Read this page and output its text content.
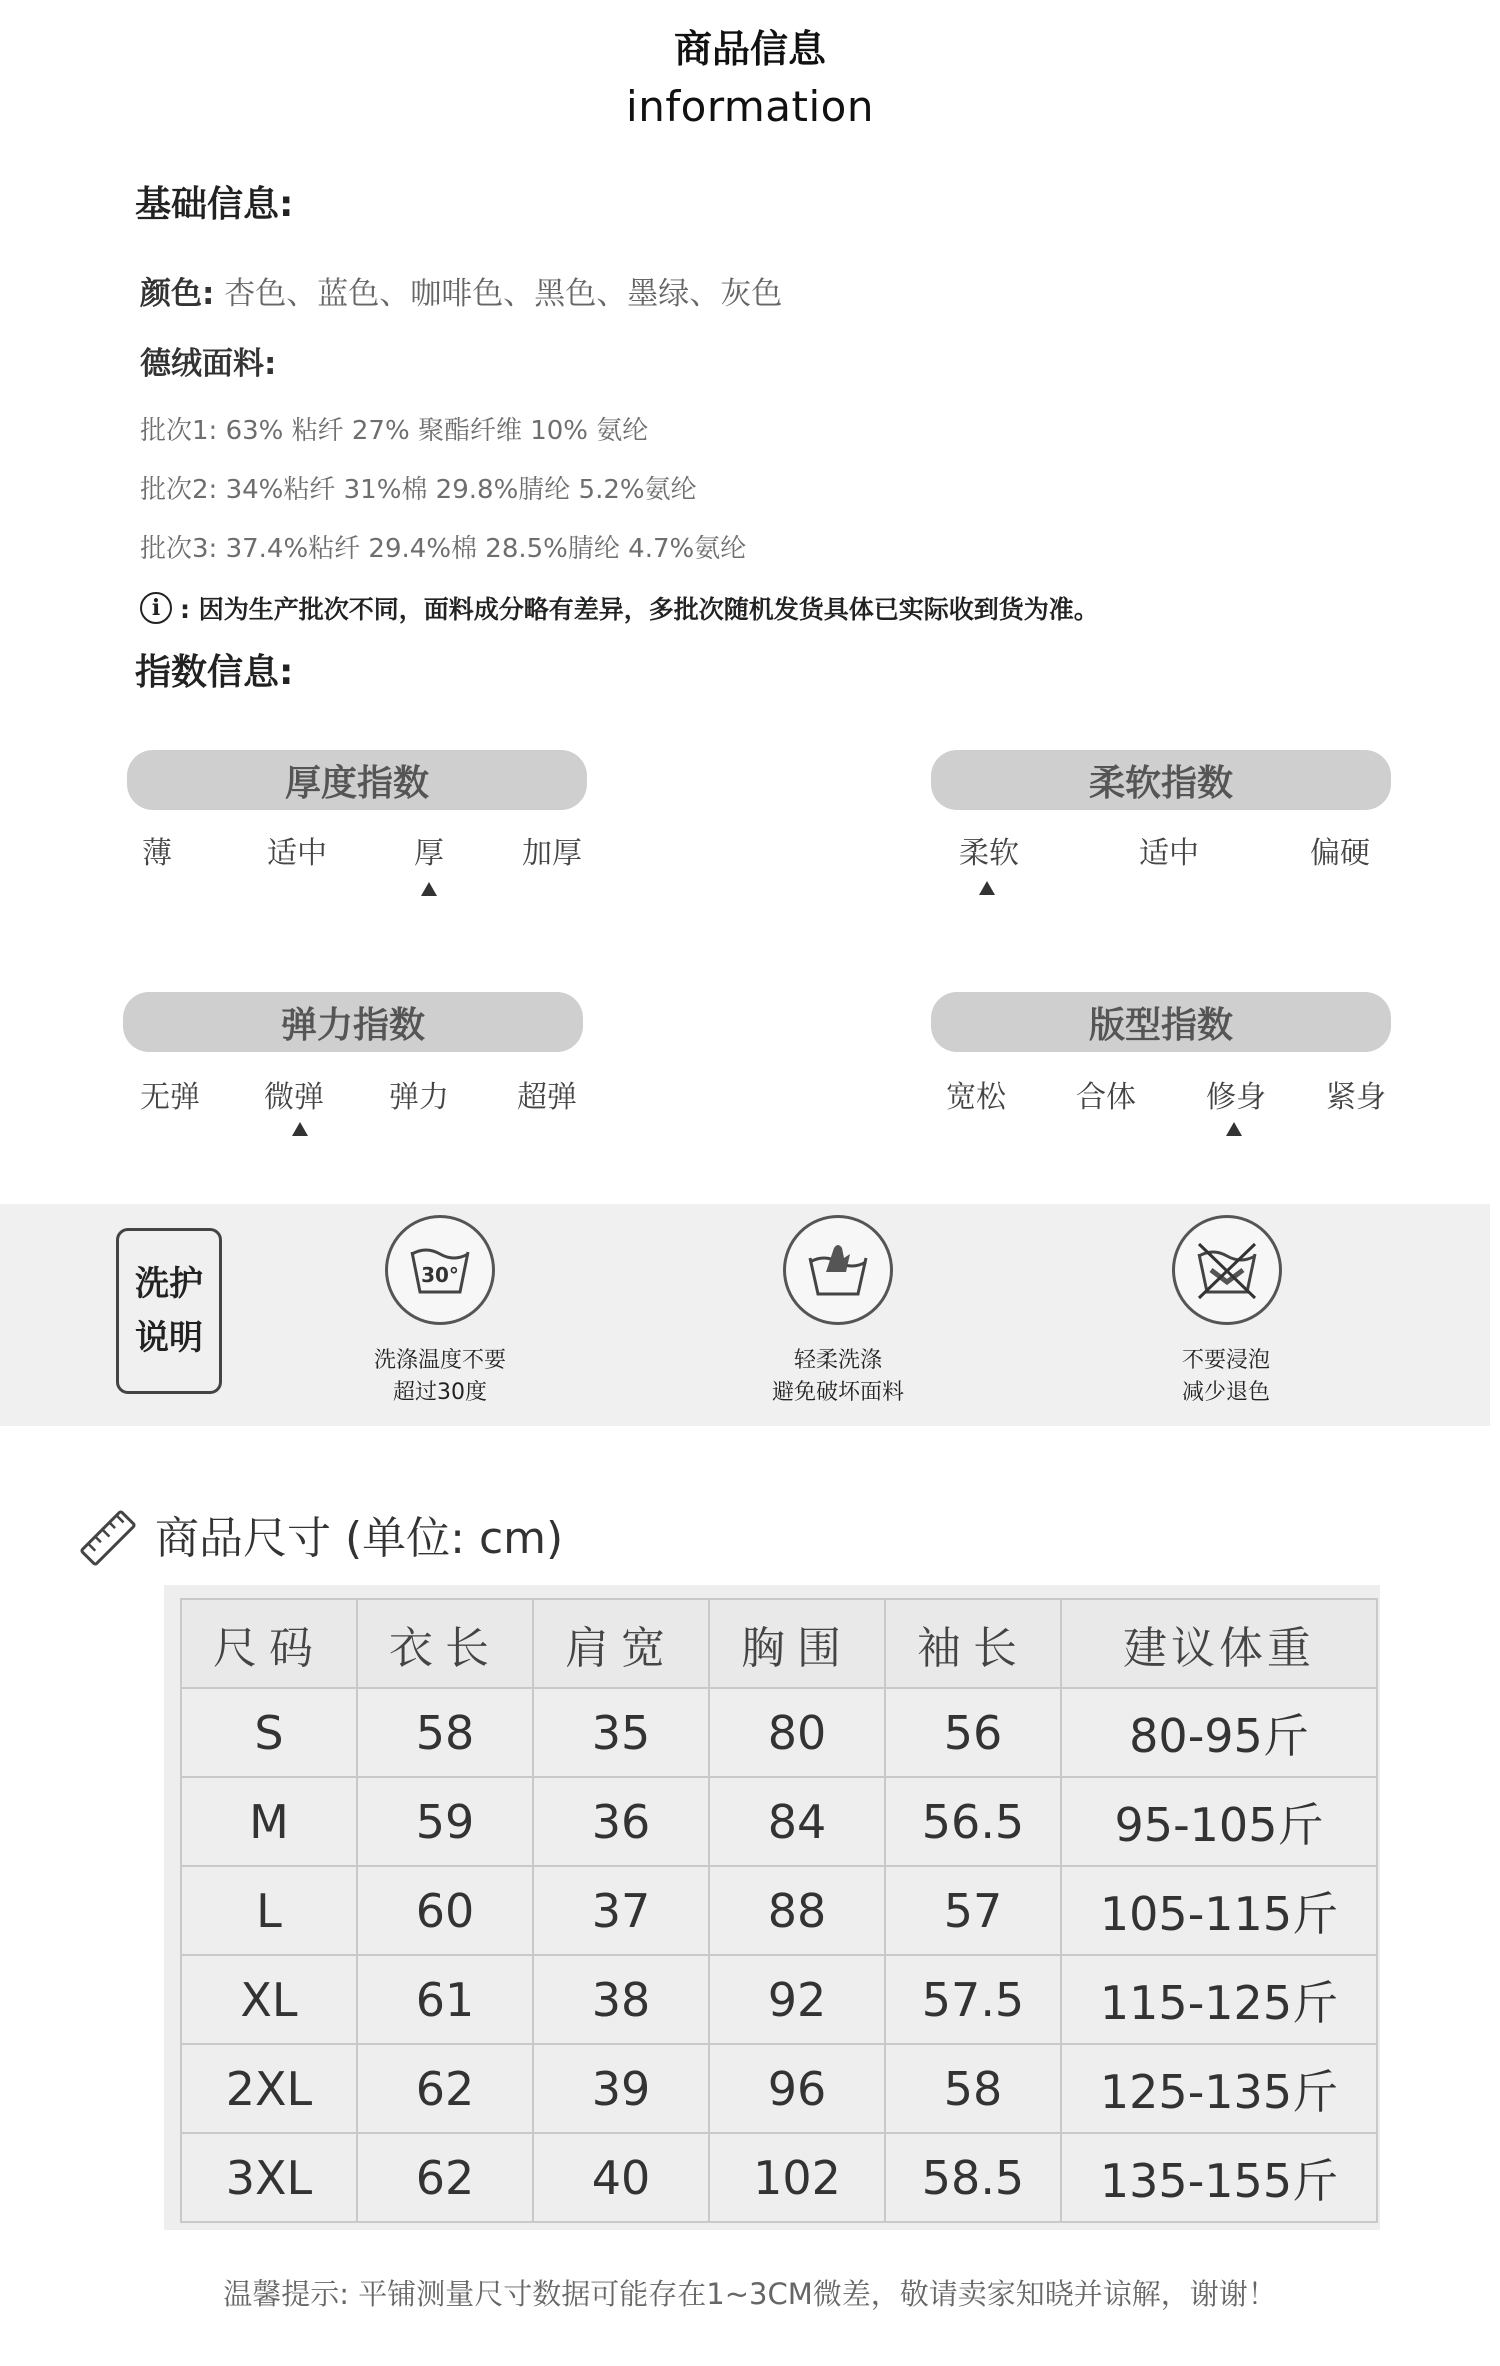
商品信息
information
基础信息:
颜色: 杏色、蓝色、咖啡色、黑色、墨绿、灰色
德绒面料:
批次1: 63% 粘纤 27% 聚酯纤维 10% 氨纶
批次2: 34%粘纤 31%棉 29.8%腈纶 5.2%氨纶
批次3: 37.4%粘纤 29.4%棉 28.5%腈纶 4.7%氨纶
i : 因为生产批次不同，面料成分略有差异，多批次随机发货具体已实际收到货为准。
指数信息:
厚度指数
薄	适中	厚	加厚
柔软指数
柔软	适中	偏硬
弹力指数
无弹 微弹 弹力 超弹
版型指数
宽松 合体 修身 紧身
洗护
说明
30°
洗涤温度不要
超过30度
轻柔洗涤
避免破坏面料
不要浸泡
减少退色
商品尺寸 (单位: cm)
尺码	衣长	肩宽	胸围	袖长	建议体重
S	58	35	80	56	80-95斤
M	59	36	84	56.5	95-105斤
L	60	37	88	57	105-115斤
XL	61	38	92	57.5	115-125斤
2XL	62	39	96	58	125-135斤
3XL	62	40	102	58.5	135-155斤
温馨提示: 平铺测量尺寸数据可能存在1~3CM微差，敬请卖家知晓并谅解，谢谢！
